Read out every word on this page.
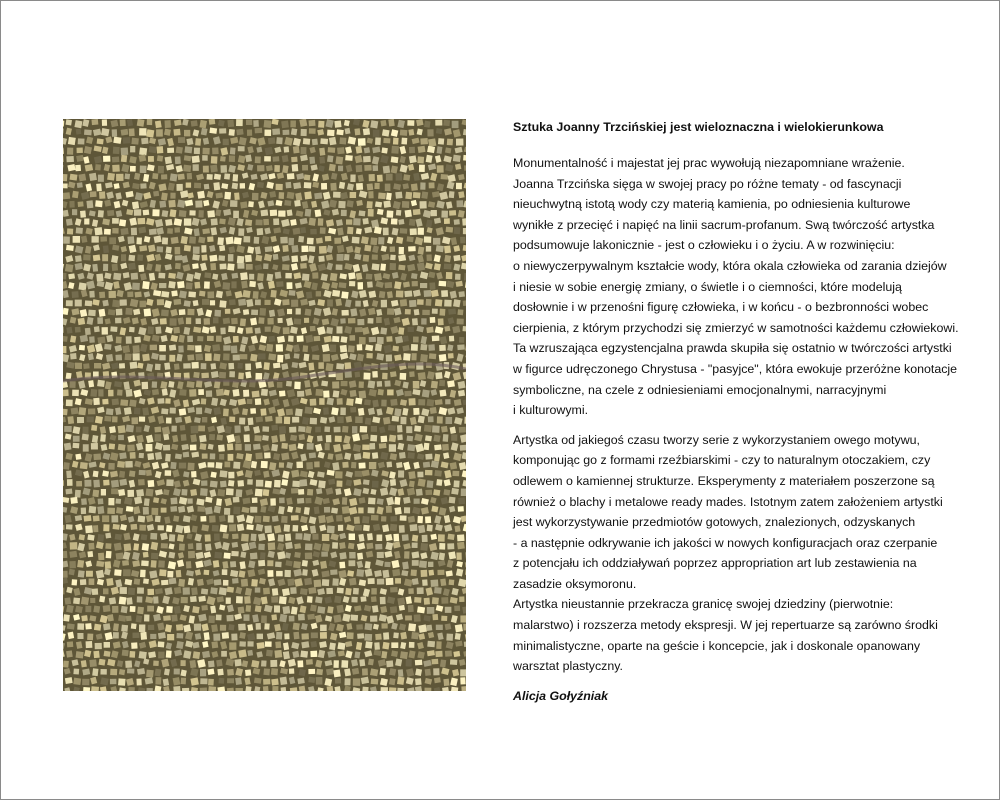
Sztuka Joanny Trzcińskiej jest wieloznaczna i wielokierunkowa
Monumentalność i majestat jej prac wywołują niezapomniane wrażenie.
Joanna Trzcińska sięga w swojej pracy po różne tematy - od fascynacji
nieuchwytną istotą wody czy materią kamienia, po odniesienia kulturowe
wynikłe z przecięć i napięć na linii sacrum-profanum. Swą twórczość artystka
podsumowuje lakonicznie - jest o człowieku i o życiu. A w rozwinięciu:
o niewyczerpywalnym kształcie wody, która okala człowieka od zarania dziejów
i niesie w sobie energię zmiany, o świetle i o ciemności, które modelują
dosłownie i w przenośni figurę człowieka, i w końcu - o bezbronności wobec
cierpienia, z którym przychodzi się zmierzyć w samotności każdemu człowiekowi.
Ta wzruszająca egzystencjalna prawda skupiła się ostatnio w twórczości artystki
w figurce udręczonego Chrystusa - "pasyjce", która ewokuje przeróżne konotacje
symboliczne, na czele z odniesieniami emocjonalnymi, narracyjnymi
i kulturowymi.
Artystka od jakiegoś czasu tworzy serie z wykorzystaniem owego motywu,
komponując go z formami rzeźbiarskimi - czy to naturalnym otoczakiem, czy
odlewem o kamiennej strukturze. Eksperymenty z materiałem poszerzone są
również o blachy i metalowe ready mades. Istotnym zatem założeniem artystki
jest wykorzystywanie przedmiotów gotowych, znalezionych, odzyskanych
- a następnie odkrywanie ich jakości w nowych konfiguracjach oraz czerpanie
z potencjału ich oddziaływań poprzez appropriation art lub zestawienia na
zasadzie oksymoronu.
Artystka nieustannie przekracza granicę swojej dziedziny (pierwotnie:
malarstwo) i rozszerza metody ekspresji. W jej repertuarze są zarówno środki
minimalistyczne, oparte na geście i koncepcie, jak i doskonale opanowany
warsztat plastyczny.
Alicja Gołyźniak
